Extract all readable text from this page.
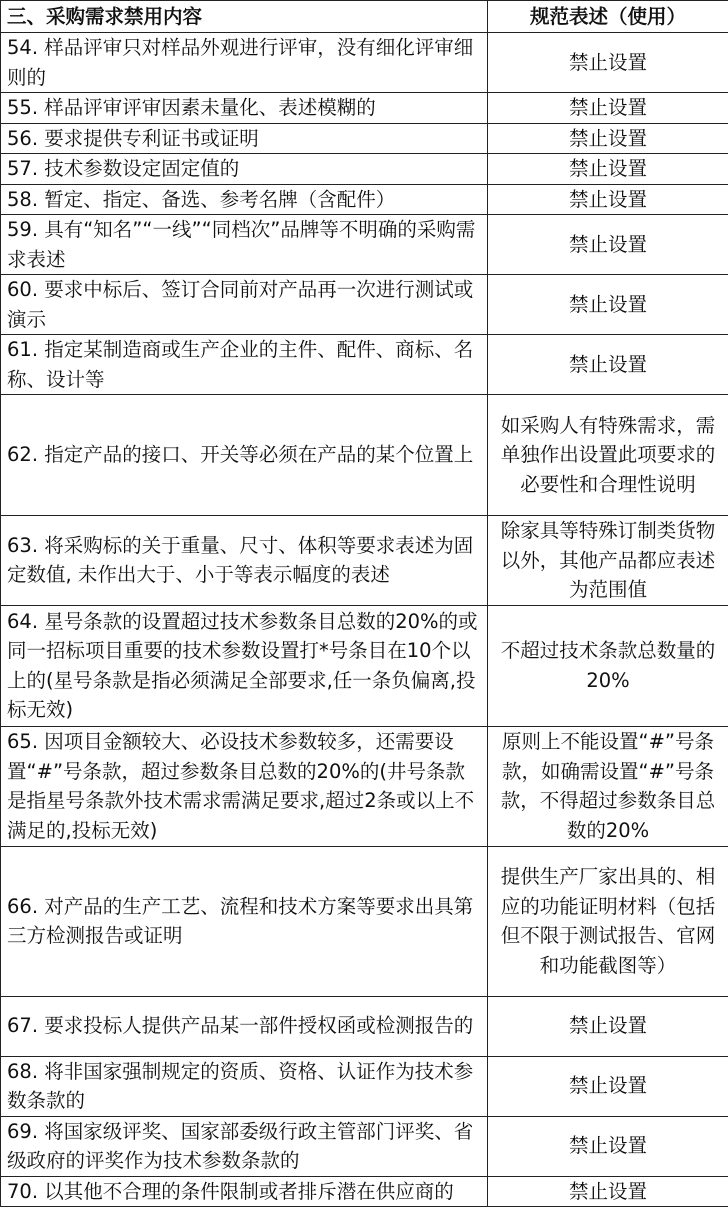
三、采购需求禁用内容	规范表述（使用）
54. 样品评审只对样品外观进行评审，没有细化评审细则的	禁止设置
55. 样品评审评审因素未量化、表述模糊的	禁止设置
56. 要求提供专利证书或证明	禁止设置
57. 技术参数设定固定值的	禁止设置
58. 暂定、指定、备选、参考名牌（含配件）	禁止设置
59. 具有“知名”“一线”“同档次”品牌等不明确的采购需求表述	禁止设置
60. 要求中标后、签订合同前对产品再一次进行测试或演示	禁止设置
61. 指定某制造商或生产企业的主件、配件、商标、名称、设计等	禁止设置
62. 指定产品的接口、开关等必须在产品的某个位置上	如采购人有特殊需求，需单独作出设置此项要求的必要性和合理性说明
63. 将采购标的关于重量、尺寸、体积等要求表述为固定数值, 未作出大于、小于等表示幅度的表述	除家具等特殊订制类货物以外，其他产品都应表述为范围值
64. 星号条款的设置超过技术参数条目总数的20%的或同一招标项目重要的技术参数设置打*号条目在10个以上的(星号条款是指必须满足全部要求,任一条负偏离,投标无效)	不超过技术条款总数量的20%
65. 因项目金额较大、必设技术参数较多，还需要设置“#”号条款，超过参数条目总数的20%的(井号条款是指星号条款外技术需求需满足要求,超过2条或以上不满足的,投标无效)	原则上不能设置“#”号条款，如确需设置“#”号条款，不得超过参数条目总数的20%
66. 对产品的生产工艺、流程和技术方案等要求出具第三方检测报告或证明	提供生产厂家出具的、相应的功能证明材料（包括但不限于测试报告、官网和功能截图等）
67. 要求投标人提供产品某一部件授权函或检测报告的	禁止设置
68. 将非国家强制规定的资质、资格、认证作为技术参数条款的	禁止设置
69. 将国家级评奖、国家部委级行政主管部门评奖、省级政府的评奖作为技术参数条款的	禁止设置
70. 以其他不合理的条件限制或者排斥潜在供应商的	禁止设置
